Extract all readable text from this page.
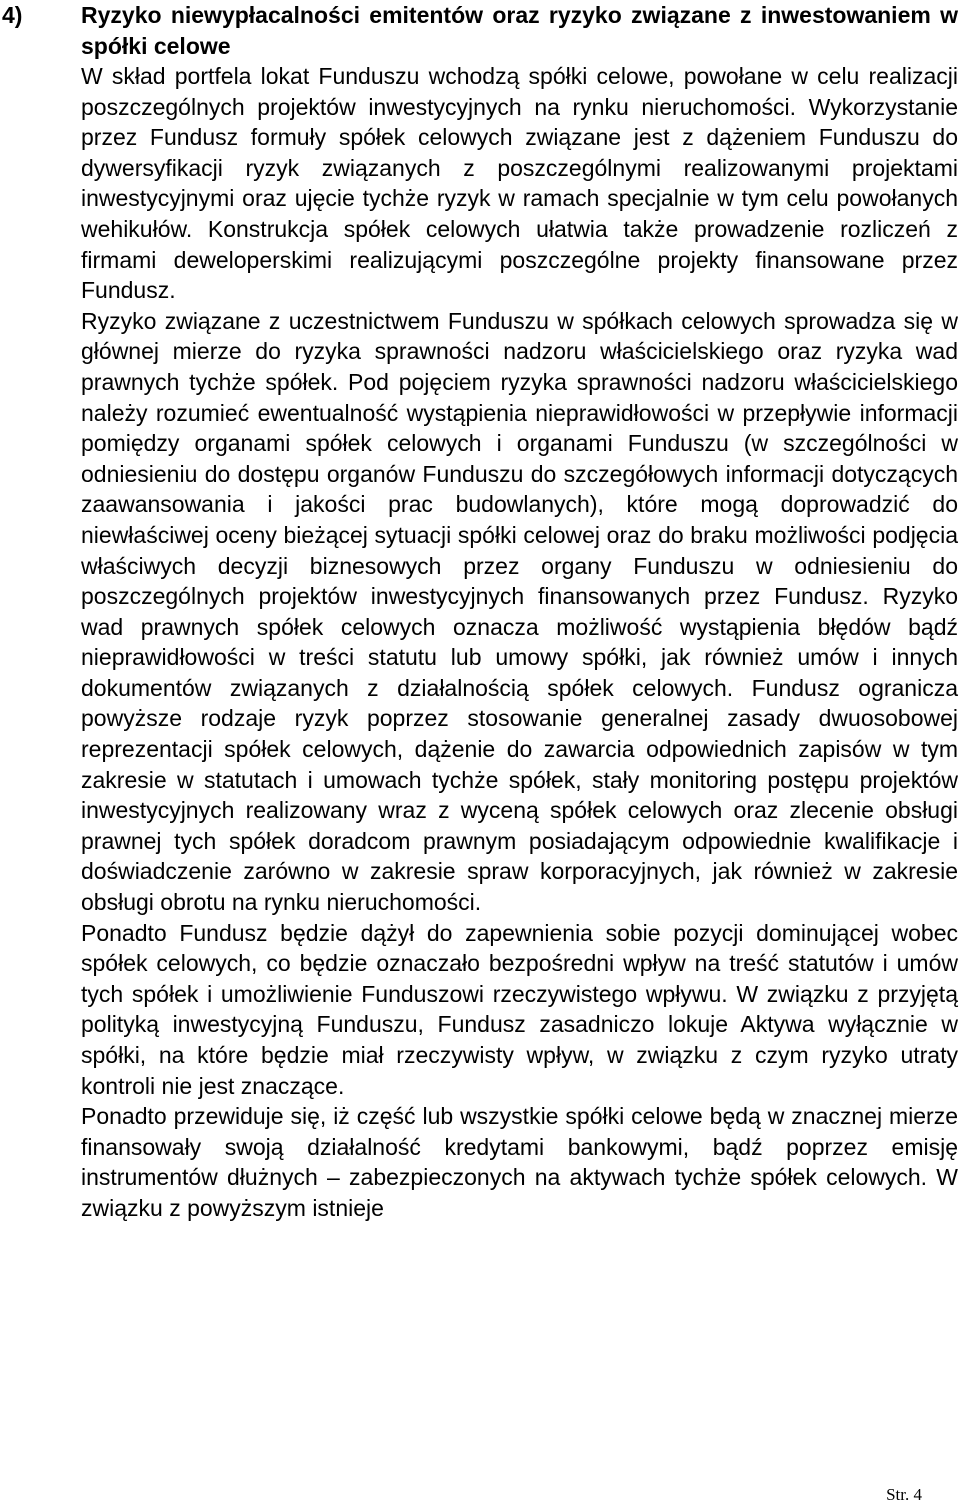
4)	Ryzyko niewypłacalności emitentów oraz ryzyko związane z inwestowaniem w spółki celowe

W skład portfela lokat Funduszu wchodzą spółki celowe, powołane w celu realizacji poszczególnych projektów inwestycyjnych na rynku nieruchomości. Wykorzystanie przez Fundusz formuły spółek celowych związane jest z dążeniem Funduszu do dywersyfikacji ryzyk związanych z poszczególnymi realizowanymi projektami inwestycyjnymi oraz ujęcie tychże ryzyk w ramach specjalnie w tym celu powołanych wehikułów. Konstrukcja spółek celowych ułatwia także prowadzenie rozliczeń z firmami deweloperskimi realizującymi poszczególne projekty finansowane przez Fundusz.

Ryzyko związane z uczestnictwem Funduszu w spółkach celowych sprowadza się w głównej mierze do ryzyka sprawności nadzoru właścicielskiego oraz ryzyka wad prawnych tychże spółek. Pod pojęciem ryzyka sprawności nadzoru właścicielskiego należy rozumieć ewentualność wystąpienia nieprawidłowości w przepływie informacji pomiędzy organami spółek celowych i organami Funduszu (w szczególności w odniesieniu do dostępu organów Funduszu do szczegółowych informacji dotyczących zaawansowania i jakości prac budowlanych), które mogą doprowadzić do niewłaściwej oceny bieżącej sytuacji spółki celowej oraz do braku możliwości podjęcia właściwych decyzji biznesowych przez organy Funduszu w odniesieniu do poszczególnych projektów inwestycyjnych finansowanych przez Fundusz. Ryzyko wad prawnych spółek celowych oznacza możliwość wystąpienia błędów bądź nieprawidłowości w treści statutu lub umowy spółki, jak również umów i innych dokumentów związanych z działalnością spółek celowych. Fundusz ogranicza powyższe rodzaje ryzyk poprzez stosowanie generalnej zasady dwuosobowej reprezentacji spółek celowych, dążenie do zawarcia odpowiednich zapisów w tym zakresie w statutach i umowach tychże spółek, stały monitoring postępu projektów inwestycyjnych realizowany wraz z wyceną spółek celowych oraz zlecenie obsługi prawnej tych spółek doradcom prawnym posiadającym odpowiednie kwalifikacje i doświadczenie zarówno w zakresie spraw korporacyjnych, jak również w zakresie obsługi obrotu na rynku nieruchomości.

Ponadto Fundusz będzie dążył do zapewnienia sobie pozycji dominującej wobec spółek celowych, co będzie oznaczało bezpośredni wpływ na treść statutów i umów tych spółek i umożliwienie Funduszowi rzeczywistego wpływu. W związku z przyjętą polityką inwestycyjną Funduszu, Fundusz zasadniczo lokuje Aktywa wyłącznie w spółki, na które będzie miał rzeczywisty wpływ, w związku z czym ryzyko utraty kontroli nie jest znaczące.

Ponadto przewiduje się, iż część lub wszystkie spółki celowe będą w znacznej mierze finansowały swoją działalność kredytami bankowymi, bądź poprzez emisję instrumentów dłużnych – zabezpieczonych na aktywach tychże spółek celowych. W związku z powyższym istnieje

Str. 4
